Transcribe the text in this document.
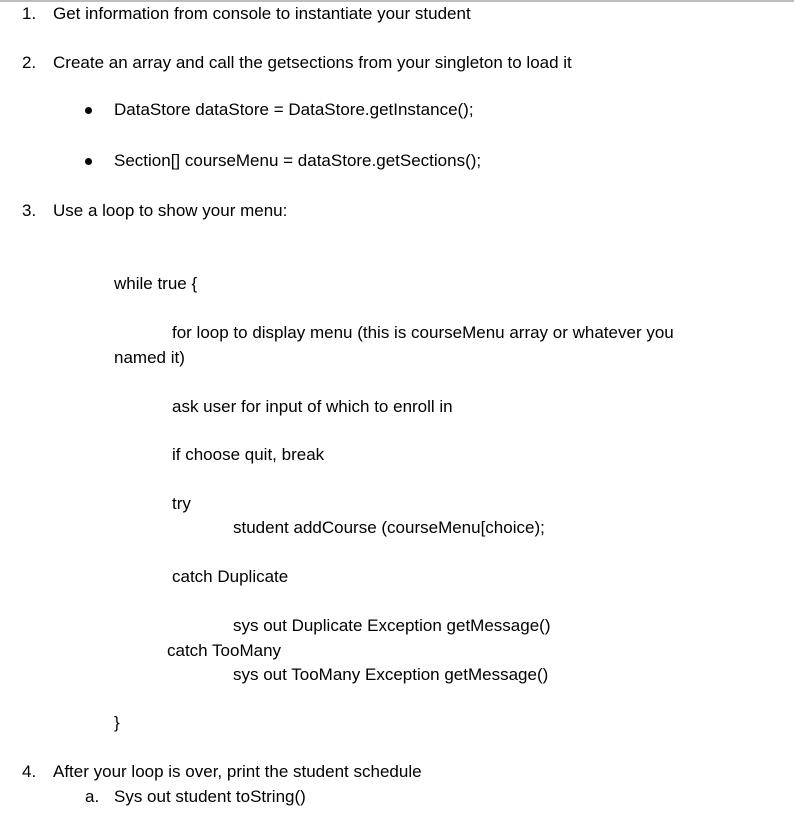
1. Get information from console to instantiate your student
2. Create an array and call the getsections from your singleton to load it
DataStore dataStore = DataStore.getInstance();
Section[] courseMenu = dataStore.getSections();
3. Use a loop to show your menu:
while true {
for loop to display menu (this is courseMenu array or whatever you
named it)
ask user for input of which to enroll in
if choose quit, break
try
student addCourse (courseMenu[choice);
catch Duplicate
sys out Duplicate Exception getMessage()
catch TooMany
sys out TooMany Exception getMessage()
}
4. After your loop is over, print the student schedule
a. Sys out student toString()
